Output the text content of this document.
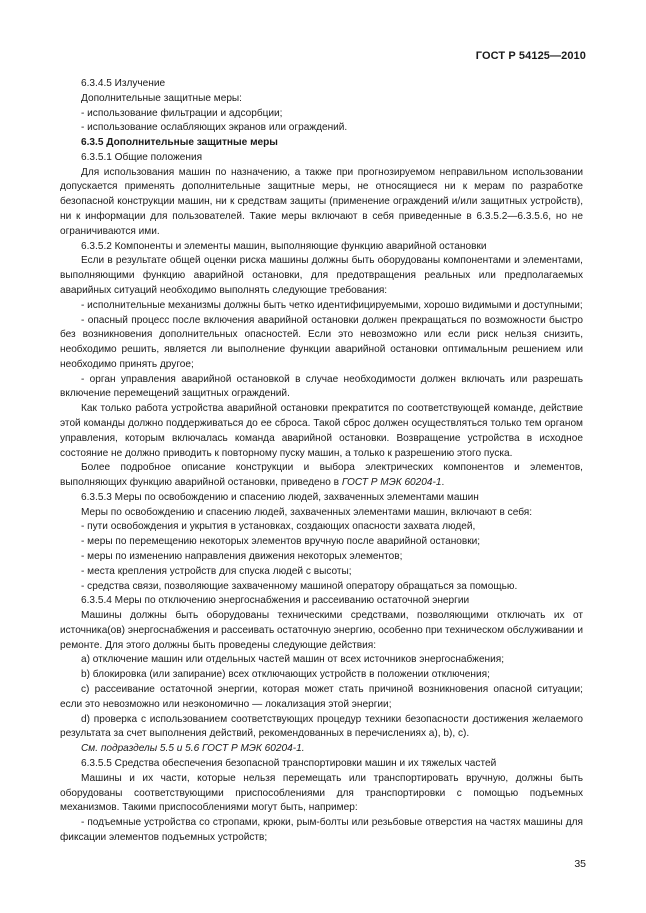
ГОСТ Р 54125—2010

6.3.4.5 Излучение

Дополнительные защитные меры:

- использование фильтрации и адсорбции;

- использование ослабляющих экранов или ограждений.

6.3.5 Дополнительные защитные меры

6.3.5.1 Общие положения

Для использования машин по назначению, а также при прогнозируемом неправильном использовании допускается применять дополнительные защитные меры, не относящиеся ни к мерам по разработке безопасной конструкции машин, ни к средствам защиты (применение ограждений и/или защитных устройств), ни к информации для пользователей. Такие меры включают в себя приведенные в 6.3.5.2—6.3.5.6, но не ограничиваются ими.

6.3.5.2 Компоненты и элементы машин, выполняющие функцию аварийной остановки

Если в результате общей оценки риска машины должны быть оборудованы компонентами и элементами, выполняющими функцию аварийной остановки, для предотвращения реальных или предполагаемых аварийных ситуаций необходимо выполнять следующие требования:

- исполнительные механизмы должны быть четко идентифицируемыми, хорошо видимыми и доступными;

- опасный процесс после включения аварийной остановки должен прекращаться по возможности быстро без возникновения дополнительных опасностей. Если это невозможно или если риск нельзя снизить, необходимо решить, является ли выполнение функции аварийной остановки оптимальным решением или необходимо принять другое;

- орган управления аварийной остановкой в случае необходимости должен включать или разрешать включение перемещений защитных ограждений.

Как только работа устройства аварийной остановки прекратится по соответствующей команде, действие этой команды должно поддерживаться до ее сброса. Такой сброс должен осуществляться только тем органом управления, которым включалась команда аварийной остановки. Возвращение устройства в исходное состояние не должно приводить к повторному пуску машин, а только к разрешению этого пуска.

Более подробное описание конструкции и выбора электрических компонентов и элементов, выполняющих функцию аварийной остановки, приведено в ГОСТ Р МЭК 60204-1.

6.3.5.3 Меры по освобождению и спасению людей, захваченных элементами машин

Меры по освобождению и спасению людей, захваченных элементами машин, включают в себя:

- пути освобождения и укрытия в установках, создающих опасности захвата людей,

- меры по перемещению некоторых элементов вручную после аварийной остановки;

- меры по изменению направления движения некоторых элементов;

- места крепления устройств для спуска людей с высоты;

- средства связи, позволяющие захваченному машиной оператору обращаться за помощью.

6.3.5.4 Меры по отключению энергоснабжения и рассеиванию остаточной энергии

Машины должны быть оборудованы техническими средствами, позволяющими отключать их от источника(ов) энергоснабжения и рассеивать остаточную энергию, особенно при техническом обслуживании и ремонте. Для этого должны быть проведены следующие действия:

a) отключение машин или отдельных частей машин от всех источников энергоснабжения;

b) блокировка (или запирание) всех отключающих устройств в положении отключения;

c) рассеивание остаточной энергии, которая может стать причиной возникновения опасной ситуации; если это невозможно или неэкономично — локализация этой энергии;

d) проверка с использованием соответствующих процедур техники безопасности достижения желаемого результата за счет выполнения действий, рекомендованных в перечислениях a), b), c).

См. подразделы 5.5 и 5.6 ГОСТ Р МЭК 60204-1.

6.3.5.5 Средства обеспечения безопасной транспортировки машин и их тяжелых частей

Машины и их части, которые нельзя перемещать или транспортировать вручную, должны быть оборудованы соответствующими приспособлениями для транспортировки с помощью подъемных механизмов. Такими приспособлениями могут быть, например:

- подъемные устройства со стропами, крюки, рым-болты или резьбовые отверстия на частях машины для фиксации элементов подъемных устройств;

35
